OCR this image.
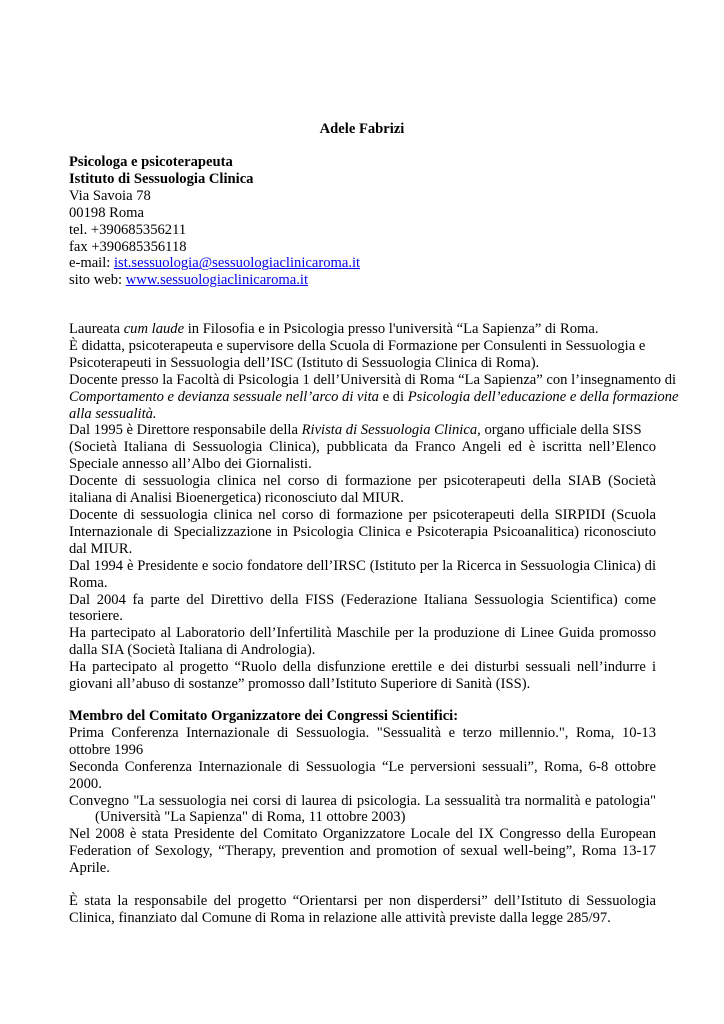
Adele Fabrizi
Psicologa e psicoterapeuta
Istituto di Sessuologia Clinica
Via Savoia 78
00198 Roma
tel. +390685356211
fax +390685356118
e-mail: ist.sessuologia@sessuologiaclinicaroma.it
sito web: www.sessuologiaclinicaroma.it
Laureata cum laude in Filosofia e in Psicologia presso l'università “La Sapienza” di Roma.
È didatta, psicoterapeuta e supervisore della Scuola di Formazione per Consulenti in Sessuologia e
Psicoterapeuti in Sessuologia dell’ISC (Istituto di Sessuologia Clinica di Roma).
Docente presso la Facoltà di Psicologia 1 dell’Università di Roma “La Sapienza” con l’insegnamento di
Comportamento e devianza sessuale nell’arco di vita e di Psicologia dell’educazione e della formazione
alla sessualità.
Dal 1995 è Direttore responsabile della Rivista di Sessuologia Clinica, organo ufficiale della SISS
(Società Italiana di Sessuologia Clinica), pubblicata da Franco Angeli ed è iscritta nell’Elenco
Speciale annesso all’Albo dei Giornalisti.
Docente di sessuologia clinica nel corso di formazione per psicoterapeuti della SIAB (Società
italiana di Analisi Bioenergetica) riconosciuto dal MIUR.
Docente di sessuologia clinica nel corso di formazione per psicoterapeuti della SIRPIDI (Scuola
Internazionale di Specializzazione in Psicologia Clinica e Psicoterapia Psicoanalitica) riconosciuto
dal MIUR.
Dal 1994 è Presidente e socio fondatore dell’IRSC (Istituto per la Ricerca in Sessuologia Clinica) di
Roma.
Dal 2004 fa parte del Direttivo della FISS (Federazione Italiana Sessuologia Scientifica) come
tesoriere.
Ha partecipato al Laboratorio dell’Infertilità Maschile per la produzione di Linee Guida promosso
dalla SIA (Società Italiana di Andrologia).
Ha partecipato al progetto “Ruolo della disfunzione erettile e dei disturbi sessuali nell’indurre i
giovani all’abuso di sostanze” promosso dall’Istituto Superiore di Sanità (ISS).
Membro del Comitato Organizzatore dei Congressi Scientifici:
Prima Conferenza Internazionale di Sessuologia. "Sessualità e terzo millennio.", Roma, 10-13
ottobre 1996
Seconda Conferenza Internazionale di Sessuologia “Le perversioni sessuali”, Roma, 6-8 ottobre
2000.
Convegno "La sessuologia nei corsi di laurea di psicologia. La sessualità tra normalità e patologia"
(Università "La Sapienza" di Roma, 11 ottobre 2003)
Nel 2008 è stata Presidente del Comitato Organizzatore Locale del IX Congresso della European
Federation of Sexology, “Therapy, prevention and promotion of sexual well-being”, Roma 13-17
Aprile.
È stata la responsabile del progetto “Orientarsi per non disperdersi” dell’Istituto di Sessuologia
Clinica, finanziato dal Comune di Roma in relazione alle attività previste dalla legge 285/97.
